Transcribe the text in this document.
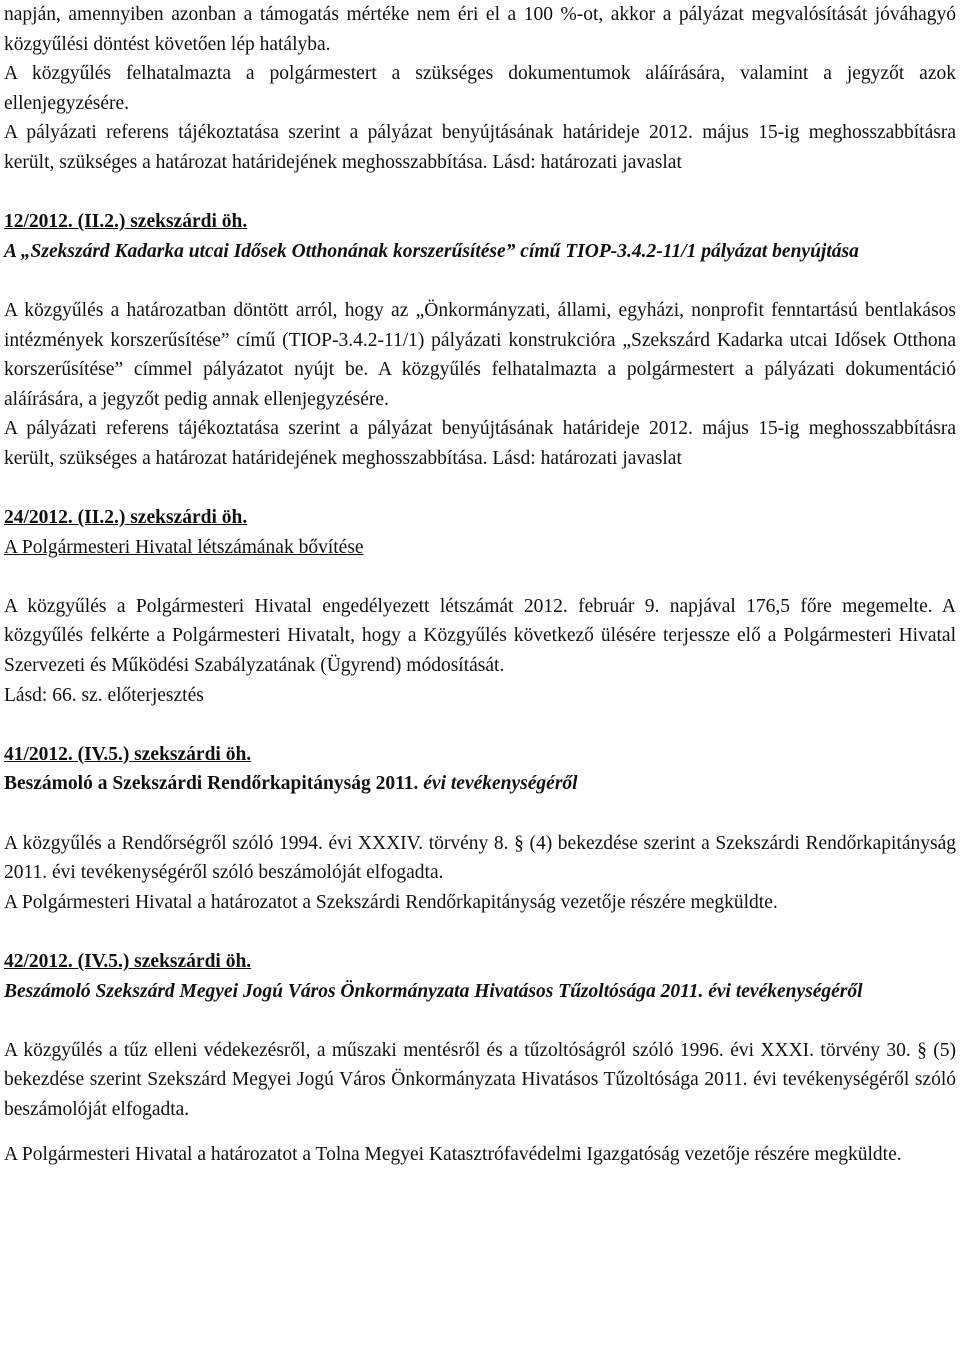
napján, amennyiben azonban a támogatás mértéke nem éri el a 100 %-ot, akkor a pályázat megvalósítását jóváhagyó közgyűlési döntést követően lép hatályba.

A közgyűlés felhatalmazta a polgármestert a szükséges dokumentumok aláírására, valamint a jegyzőt azok ellenjegyzésére.

A pályázati referens tájékoztatása szerint a pályázat benyújtásának határideje 2012. május 15-ig meghosszabbításra került, szükséges a határozat határidejének meghosszabbítása. Lásd: határozati javaslat

12/2012. (II.2.) szekszárdi öh.

A „Szekszárd Kadarka utcai Idősek Otthonának korszerűsítése” című TIOP-3.4.2-11/1 pályázat benyújtása

A közgyűlés a határozatban döntött arról, hogy az „Önkormányzati, állami, egyházi, nonprofit fenntartású bentlakásos intézmények korszerűsítése” című (TIOP-3.4.2-11/1) pályázati konstrukcióra „Szekszárd Kadarka utcai Idősek Otthona korszerűsítése” címmel pályázatot nyújt be. A közgyűlés felhatalmazta a polgármestert a pályázati dokumentáció aláírására, a jegyzőt pedig annak ellenjegyzésére.

A pályázati referens tájékoztatása szerint a pályázat benyújtásának határideje 2012. május 15-ig meghosszabbításra került, szükséges a határozat határidejének meghosszabbítása. Lásd: határozati javaslat

24/2012. (II.2.) szekszárdi öh.

A Polgármesteri Hivatal létszámának bővítése

A közgyűlés a Polgármesteri Hivatal engedélyezett létszámát 2012. február 9. napjával 176,5 főre megemelte. A közgyűlés felkérte a Polgármesteri Hivatalt, hogy a Közgyűlés következő ülésére terjessze elő a Polgármesteri Hivatal Szervezeti és Működési Szabályzatának (Ügyrend) módosítását.

Lásd: 66. sz. előterjesztés

41/2012. (IV.5.) szekszárdi öh.

Beszámoló a Szekszárdi Rendőrkapitányság 2011. évi tevékenységéről

A közgyűlés a Rendőrségről szóló 1994. évi XXXIV. törvény 8. § (4) bekezdése szerint a Szekszárdi Rendőrkapitányság 2011. évi tevékenységéről szóló beszámolóját elfogadta.

A Polgármesteri Hivatal a határozatot a Szekszárdi Rendőrkapitányság vezetője részére megküldte.

42/2012. (IV.5.) szekszárdi öh.

Beszámoló Szekszárd Megyei Jogú Város Önkormányzata Hivatásos Tűzoltósága 2011. évi tevékenységéről

A közgyűlés a tűz elleni védekezésről, a műszaki mentésről és a tűzoltóságról szóló 1996. évi XXXI. törvény 30. § (5) bekezdése szerint Szekszárd Megyei Jogú Város Önkormányzata Hivatásos Tűzoltósága 2011. évi tevékenységéről szóló beszámolóját elfogadta.

A Polgármesteri Hivatal a határozatot a Tolna Megyei Katasztrófavédelmi Igazgatóság vezetője részére megküldte.
